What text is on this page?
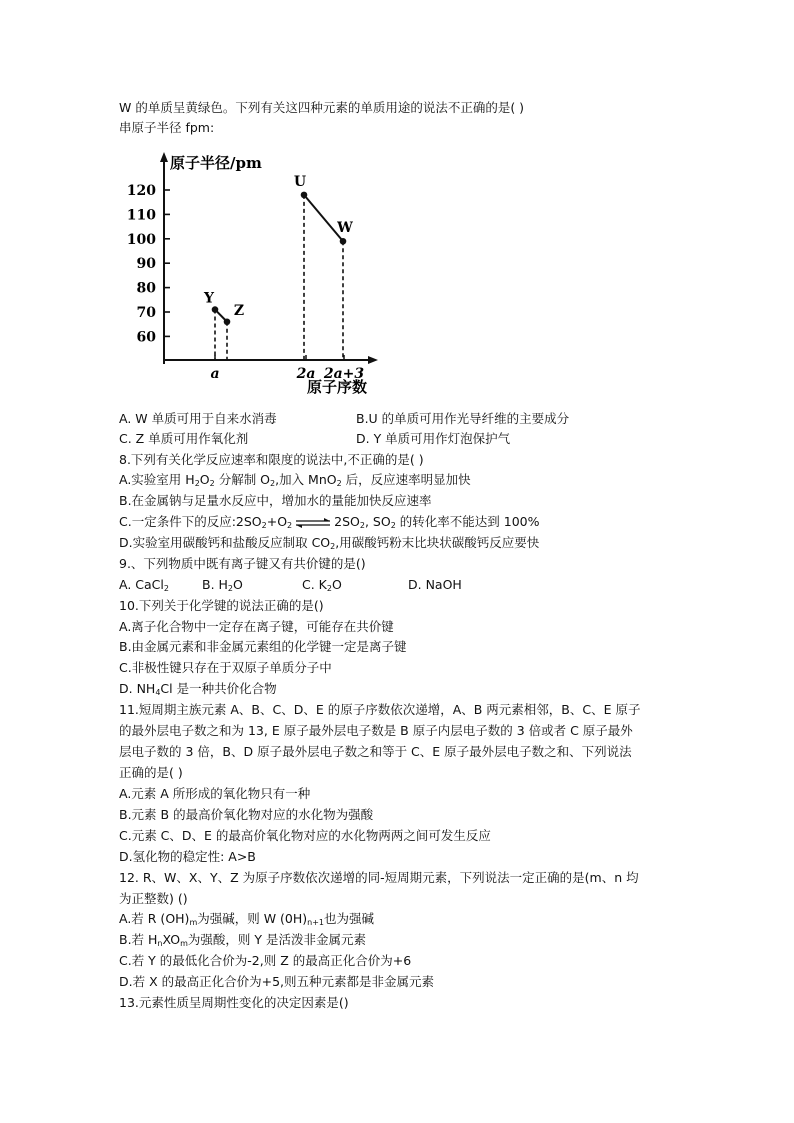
W 的单质呈黄绿色。下列有关这四种元素的单质用途的说法不正确的是( )
串原子半径 fpm:
原子半径/pm
原子序数
60
70
80
90
100
110
120
a	2a 2a+3
Y
Z
U
W
A. W 单质可用于自来水消毒	B.U 的单质可用作光导纤维的主要成分
C. Z 单质可用作氧化剂	D. Y 单质可用作灯泡保护气
8.下列有关化学反应速率和限度的说法中,不正确的是( )
A.实验室用 $H_2O_2$ 分解制 $O_2$,加入 MnO$_2$ 后，反应速率明显加快
B.在金属钠与足量水反应中，增加水的量能加快反应速率
C.一定条件下的反应$:2SO_2+O_2$ ⇌ $2SO_2$, $SO_2$ 的转化率不能达到 100%
D.实验室用碳酸钙和盐酸反应制取 $CO_2$,用碳酸钙粉末比块状碳酸钙反应要快
9.、下列物质中既有离子键又有共价键的是()
A. CaCl$_2$	B. $H_2O$	C. $K_2O$	D. NaOH
10.下列关于化学键的说法正确的是()
A.离子化合物中一定存在离子键，可能存在共价键
B.由金属元素和非金属元素组的化学键一定是离子键
C.非极性键只存在于双原子单质分子中
D. $NH_4Cl$ 是一种共价化合物
11.短周期主族元素 A、B、C、D、E 的原子序数依次递增，A、B 两元素相邻，B、C、E 原子
的最外层电子数之和为 13, E 原子最外层电子数是 B 原子内层电子数的 3 倍或者 C 原子最外
层电子数的 3 倍，B、D 原子最外层电子数之和等于 C、E 原子最外层电子数之和、下列说法
正确的是( )
A.元素 A 所形成的氧化物只有一种
B.元素 B 的最高价氧化物对应的水化物为强酸
C.元素 C、D、E 的最高价氧化物对应的水化物两两之间可发生反应
D.氢化物的稳定性: A>B
12. R、W、X、Y、Z 为原子序数依次递增的同-短周期元素，下列说法一定正确的是(m、n 均
为正整数) ()
A.若 R $(OH)_m$为强碱，则 W $(0H)_{n+1}$也为强碱
B.若 $H_nXO_m$为强酸，则 Y 是活泼非金属元素
C.若 Y 的最低化合价为-2,则 Z 的最高正化合价为+6
D.若 X 的最高正化合价为+5,则五种元素都是非金属元素
13.元素性质呈周期性变化的决定因素是()
